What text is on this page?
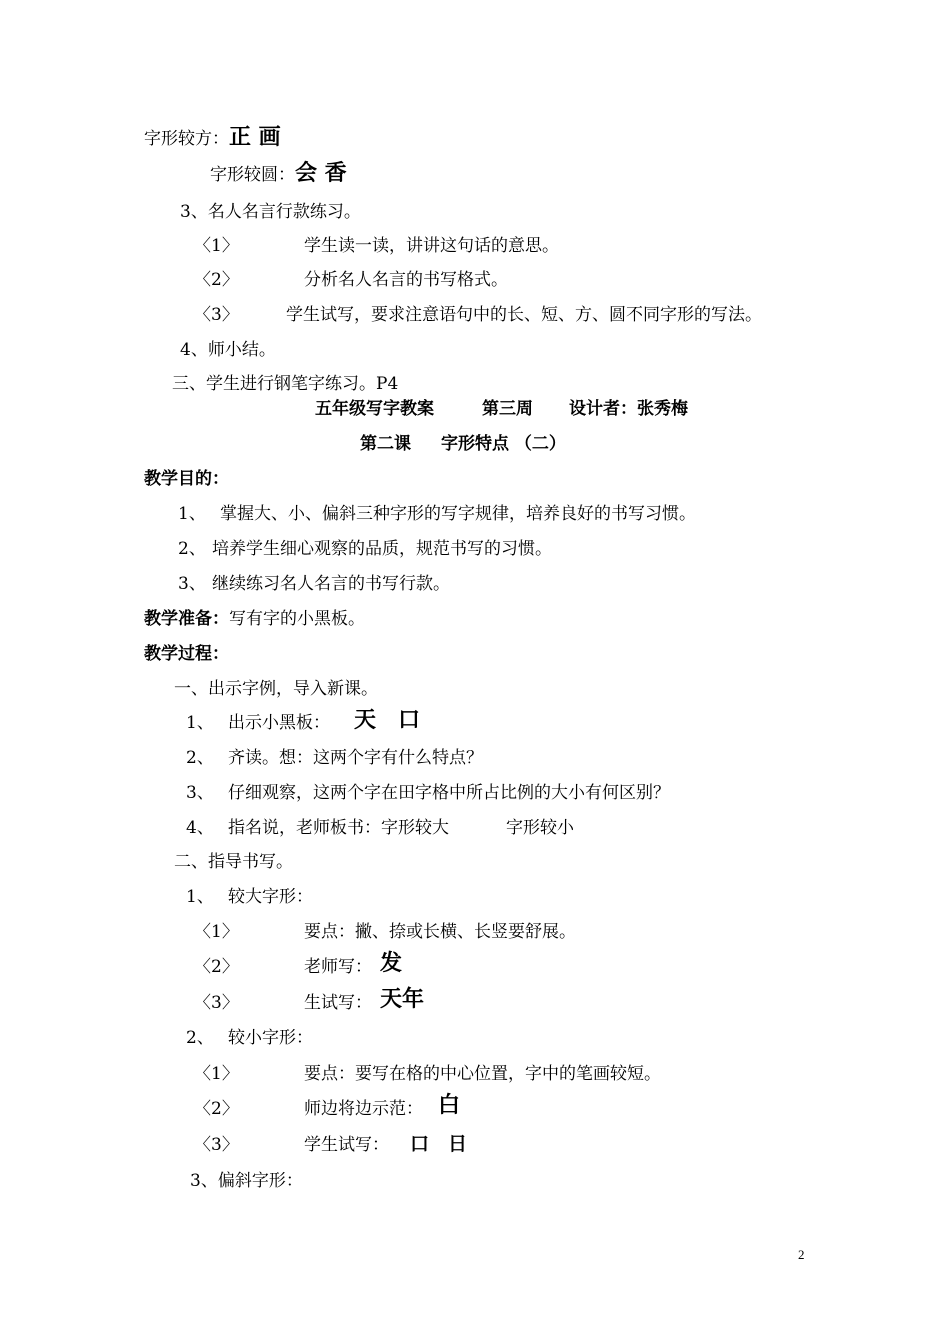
字形较方：正 画
字形较圆：会 香
3、名人名言行款练习。
〈1〉	学生读一读，讲讲这句话的意思。
〈2〉	分析名人名言的书写格式。
〈3〉	学生试写，要求注意语句中的长、短、方、圆不同字形的写法。
4、师小结。
三、学生进行钢笔字练习。P4
五年级写字教案	第三周 设计者：张秀梅
第二课 字形特点 （二）
教学目的：
1、 掌握大、小、偏斜三种字形的写字规律，培养良好的书写习惯。
2、 培养学生细心观察的品质，规范书写的习惯。
3、 继续练习名人名言的书写行款。
教学准备：写有字的小黑板。
教学过程：
一、出示字例，导入新课。
1、 出示小黑板： 天　口
2、 齐读。想：这两个字有什么特点？
3、 仔细观察，这两个字在田字格中所占比例的大小有何区别？
4、 指名说，老师板书：字形较大	字形较小
二、指导书写。
1、 较大字形：
〈1〉	要点：撇、捺或长横、长竖要舒展。
〈2〉	老师写： 发
〈3〉	生试写： 天年
2、 较小字形：
〈1〉	要点：要写在格的中心位置，字中的笔画较短。
〈2〉	师边将边示范： 白
〈3〉	学生试写： 口　日
3、偏斜字形：
2
